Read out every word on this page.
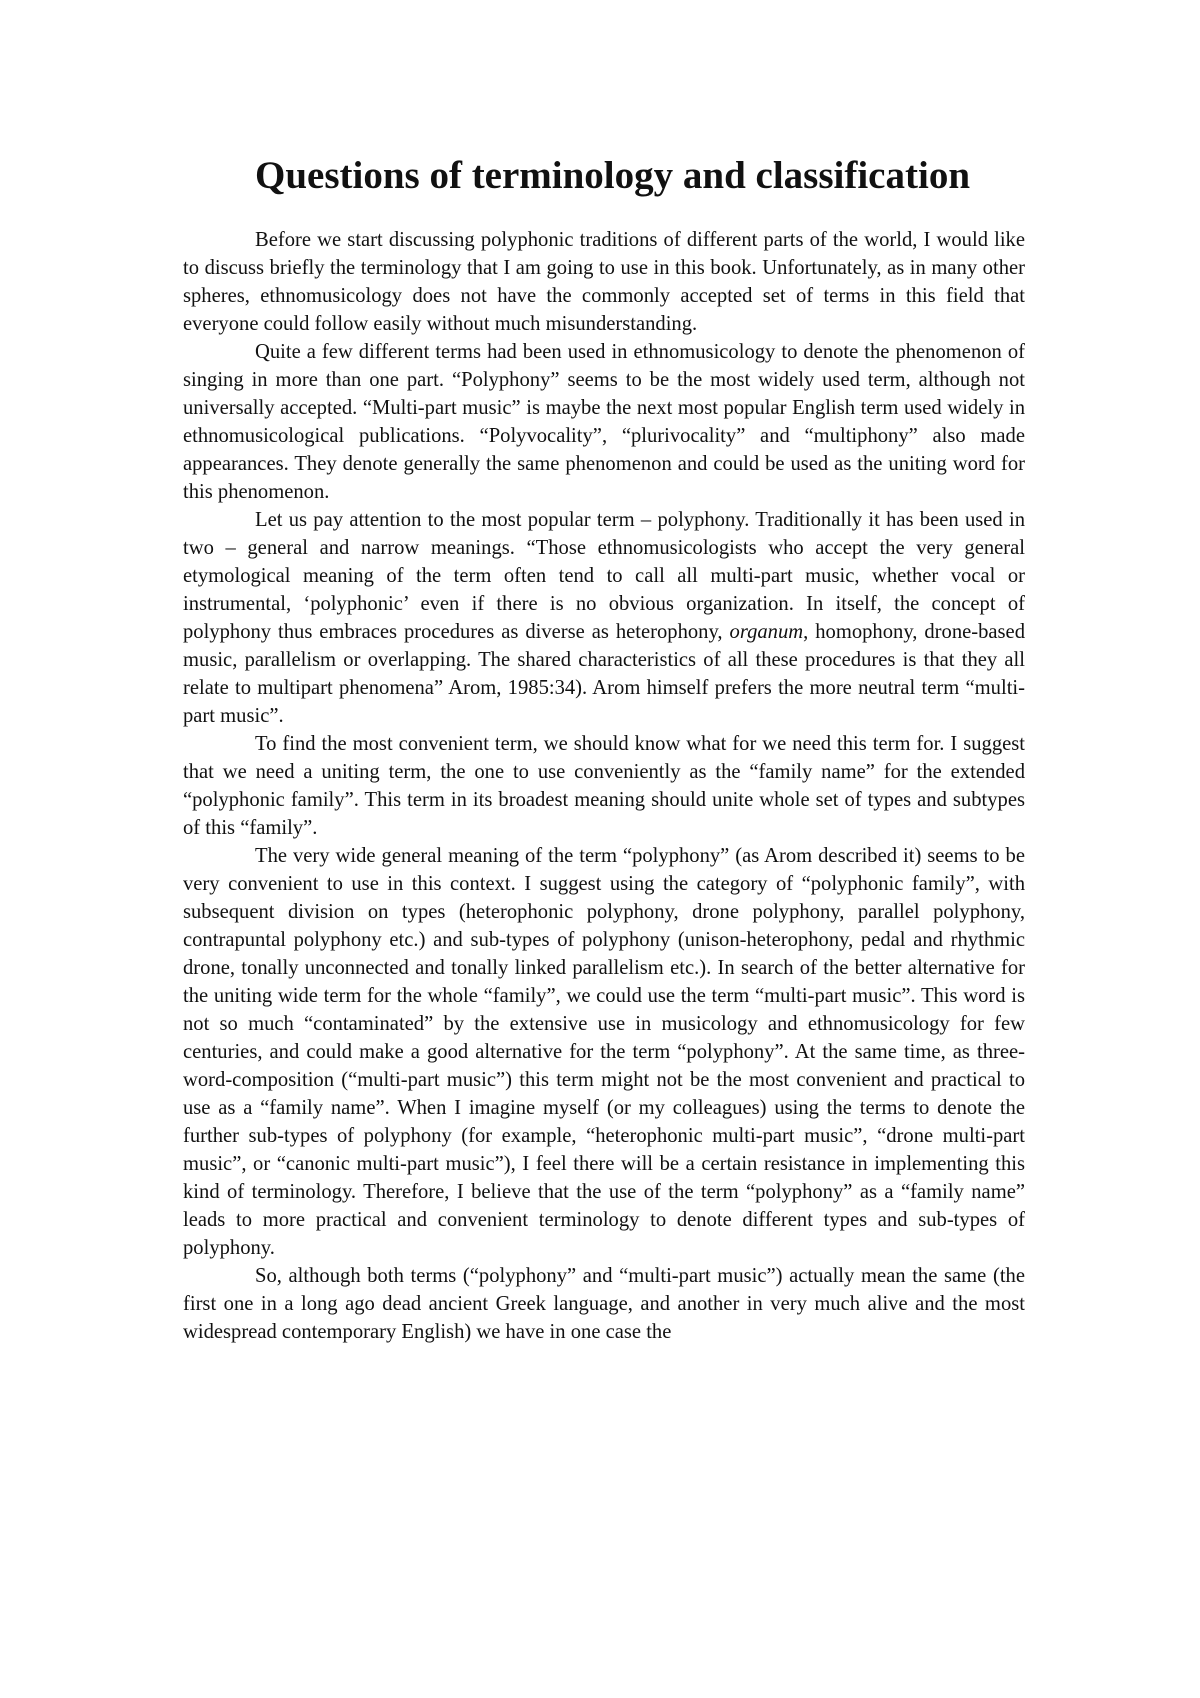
Questions of terminology and classification

Before we start discussing polyphonic traditions of different parts of the world, I would like to discuss briefly the terminology that I am going to use in this book. Unfortunately, as in many other spheres, ethnomusicology does not have the commonly accepted set of terms in this field that everyone could follow easily without much misunderstanding.

Quite a few different terms had been used in ethnomusicology to denote the phenomenon of singing in more than one part. “Polyphony” seems to be the most widely used term, although not universally accepted. “Multi-part music” is maybe the next most popular English term used widely in ethnomusicological publications. “Polyvocality”, “plurivocality” and “multiphony” also made appearances. They denote generally the same phenomenon and could be used as the uniting word for this phenomenon.

Let us pay attention to the most popular term – polyphony. Traditionally it has been used in two – general and narrow meanings. “Those ethnomusicologists who accept the very general etymological meaning of the term often tend to call all multi-part music, whether vocal or instrumental, ‘polyphonic’ even if there is no obvious organization. In itself, the concept of polyphony thus embraces procedures as diverse as heterophony, organum, homophony, drone-based music, parallelism or overlapping. The shared characteristics of all these procedures is that they all relate to multipart phenomena” Arom, 1985:34). Arom himself prefers the more neutral term “multi-part music”.

To find the most convenient term, we should know what for we need this term for. I suggest that we need a uniting term, the one to use conveniently as the “family name” for the extended “polyphonic family”. This term in its broadest meaning should unite whole set of types and subtypes of this “family”.

The very wide general meaning of the term “polyphony” (as Arom described it) seems to be very convenient to use in this context. I suggest using the category of “polyphonic family”, with subsequent division on types (heterophonic polyphony, drone polyphony, parallel polyphony, contrapuntal polyphony etc.) and sub-types of polyphony (unison-heterophony, pedal and rhythmic drone, tonally unconnected and tonally linked parallelism etc.). In search of the better alternative for the uniting wide term for the whole “family”, we could use the term “multi-part music”. This word is not so much “contaminated” by the extensive use in musicology and ethnomusicology for few centuries, and could make a good alternative for the term “polyphony”. At the same time, as three-word-composition (“multi-part music”) this term might not be the most convenient and practical to use as a “family name”. When I imagine myself (or my colleagues) using the terms to denote the further sub-types of polyphony (for example, “heterophonic multi-part music”, “drone multi-part music”, or “canonic multi-part music”), I feel there will be a certain resistance in implementing this kind of terminology. Therefore, I believe that the use of the term “polyphony” as a “family name” leads to more practical and convenient terminology to denote different types and sub-types of polyphony.

So, although both terms (“polyphony” and “multi-part music”) actually mean the same (the first one in a long ago dead ancient Greek language, and another in very much alive and the most widespread contemporary English) we have in one case the
